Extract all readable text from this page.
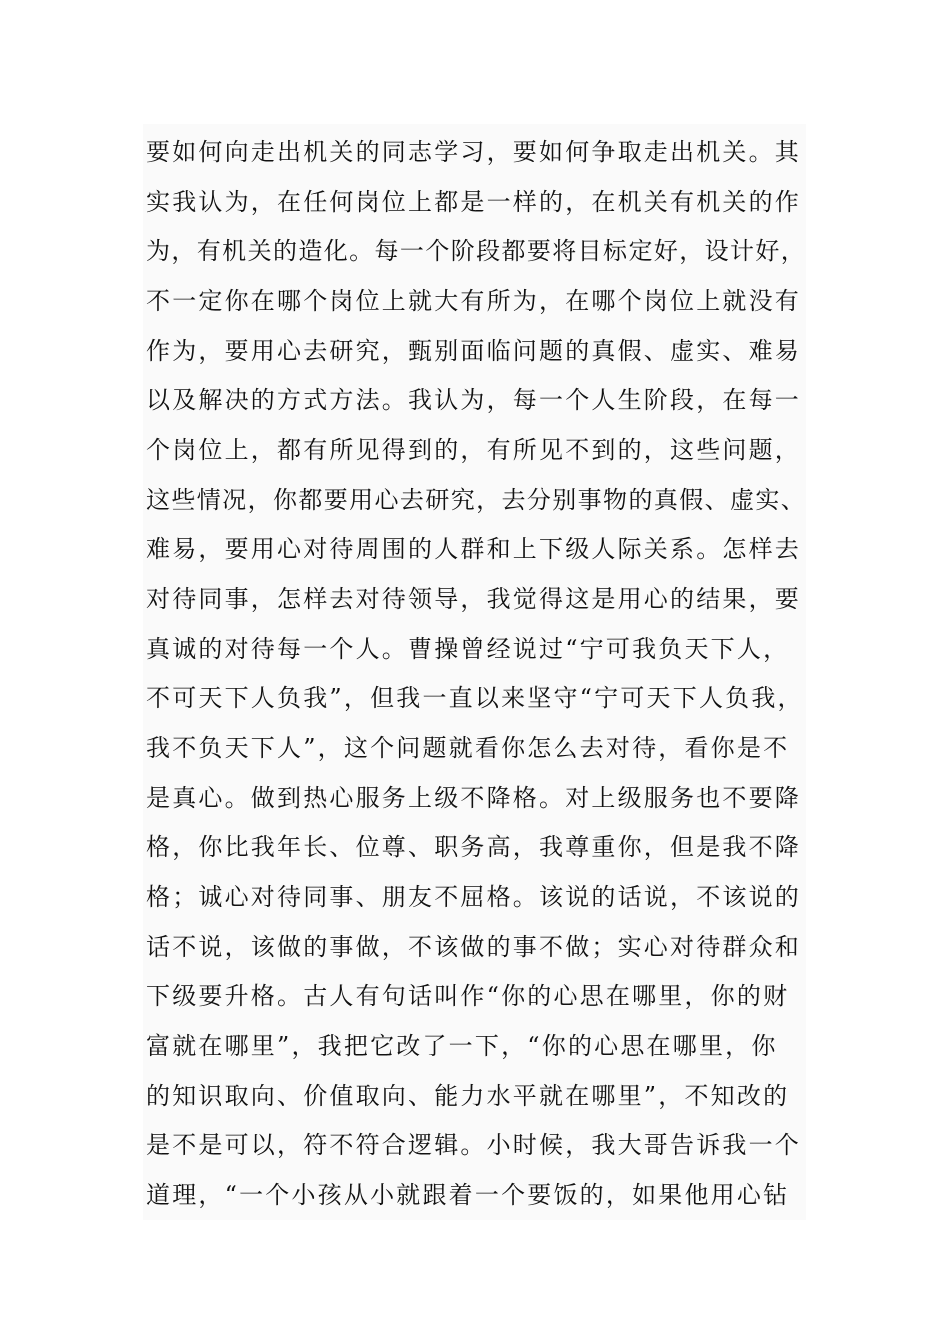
要如何向走出机关的同志学习，要如何争取走出机关。其
实我认为，在任何岗位上都是一样的，在机关有机关的作
为，有机关的造化。每一个阶段都要将目标定好，设计好，
不一定你在哪个岗位上就大有所为，在哪个岗位上就没有
作为，要用心去研究，甄别面临问题的真假、虚实、难易
以及解决的方式方法。我认为，每一个人生阶段，在每一
个岗位上，都有所见得到的，有所见不到的，这些问题，
这些情况，你都要用心去研究，去分别事物的真假、虚实、
难易，要用心对待周围的人群和上下级人际关系。怎样去
对待同事，怎样去对待领导，我觉得这是用心的结果，要
真诚的对待每一个人。曹操曾经说过“宁可我负天下人，
不可天下人负我”，但我一直以来坚守“宁可天下人负我，
我不负天下人”，这个问题就看你怎么去对待，看你是不
是真心。做到热心服务上级不降格。对上级服务也不要降
格，你比我年长、位尊、职务高，我尊重你，但是我不降
格；诚心对待同事、朋友不屈格。该说的话说，不该说的
话不说，该做的事做，不该做的事不做；实心对待群众和
下级要升格。古人有句话叫作“你的心思在哪里，你的财
富就在哪里”，我把它改了一下，“你的心思在哪里，你
的知识取向、价值取向、能力水平就在哪里”，不知改的
是不是可以，符不符合逻辑。小时候，我大哥告诉我一个
道理，“一个小孩从小就跟着一个要饭的，如果他用心钻
